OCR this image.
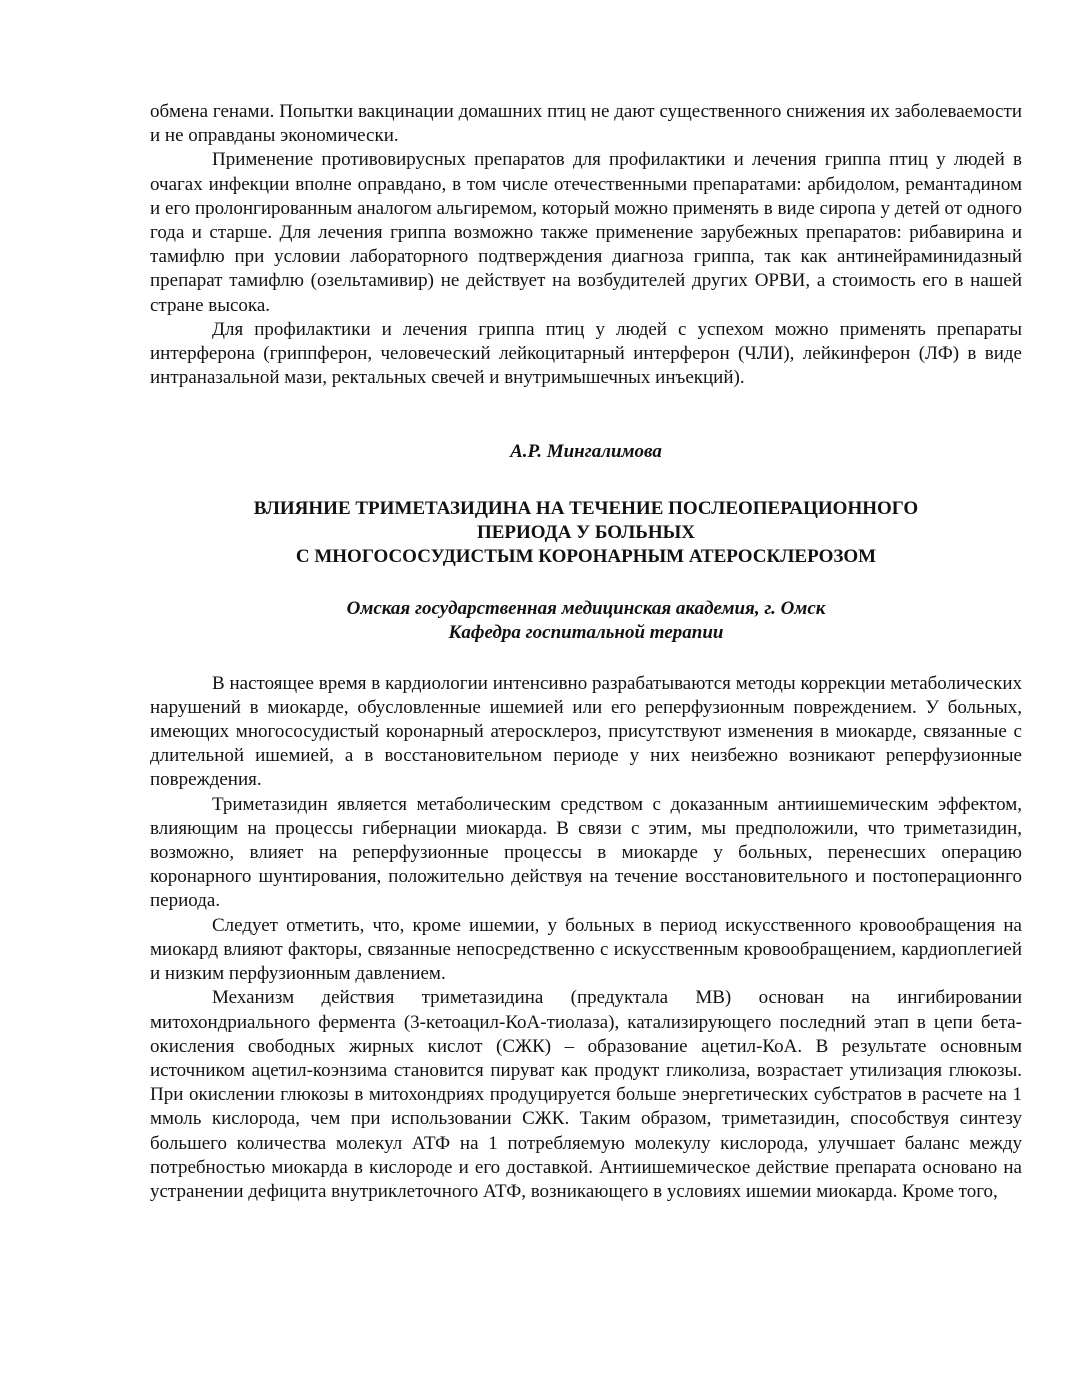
обмена генами. Попытки вакцинации домашних птиц не дают существенного снижения их заболеваемости и не оправданы экономически.

Применение противовирусных препаратов для профилактики и лечения гриппа птиц у людей в очагах инфекции вполне оправдано, в том числе отечественными препаратами: арбидолом, ремантадином и его пролонгированным аналогом альгиремом, который можно применять в виде сиропа у детей от одного года и старше. Для лечения гриппа возможно также применение зарубежных препаратов: рибавирина и тамифлю при условии лабораторного подтверждения диагноза гриппа, так как антинейраминидазный препарат тамифлю (озельтамивир) не действует на возбудителей других ОРВИ, а стоимость его в нашей стране высока.

Для профилактики и лечения гриппа птиц у людей с успехом можно применять препараты интерферона (гриппферон, человеческий лейкоцитарный интерферон (ЧЛИ), лейкинферон (ЛФ) в виде интраназальной мази, ректальных свечей и внутримышечных инъекций).

А.Р. Мингалимова

ВЛИЯНИЕ ТРИМЕТАЗИДИНА НА ТЕЧЕНИЕ ПОСЛЕОПЕРАЦИОННОГО
ПЕРИОДА У БОЛЬНЫХ
С МНОГОСОСУДИСТЫМ КОРОНАРНЫМ АТЕРОСКЛЕРОЗОМ

Омская государственная медицинская академия, г. Омск
Кафедра госпитальной терапии

В настоящее время в кардиологии интенсивно разрабатываются методы коррекции метаболических нарушений в миокарде, обусловленные ишемией или его реперфузионным повреждением. У больных, имеющих многососудистый коронарный атеросклероз, присутствуют изменения в миокарде, связанные с длительной ишемией, а в восстановительном периоде у них неизбежно возникают реперфузионные повреждения.

Триметазидин является метаболическим средством с доказанным антиишемическим эффектом, влияющим на процессы гибернации миокарда. В связи с этим, мы предположили, что триметазидин, возможно, влияет на реперфузионные процессы в миокарде у больных, перенесших операцию коронарного шунтирования, положительно действуя на течение восстановительного и постоперационнго периода.

Следует отметить, что, кроме ишемии, у больных в период искусственного кровообращения на миокард влияют факторы, связанные непосредственно с искусственным кровообращением, кардиоплегией и низким перфузионным давлением.

Механизм действия триметазидина (предуктала МВ) основан на ингибировании митохондриального фермента (3-кетоацил-КоА-тиолаза), катализирующего последний этап в цепи бета-окисления свободных жирных кислот (СЖК) – образование ацетил-КоА. В результате основным источником ацетил-коэнзима становится пируват как продукт гликолиза, возрастает утилизация глюкозы. При окислении глюкозы в митохондриях продуцируется больше энергетических субстратов в расчете на 1 ммоль кислорода, чем при использовании СЖК. Таким образом, триметазидин, способствуя синтезу большего количества молекул АТФ на 1 потребляемую молекулу кислорода, улучшает баланс между потребностью миокарда в кислороде и его доставкой. Антиишемическое действие препарата основано на устранении дефицита внутриклеточного АТФ, возникающего в условиях ишемии миокарда. Кроме того,
